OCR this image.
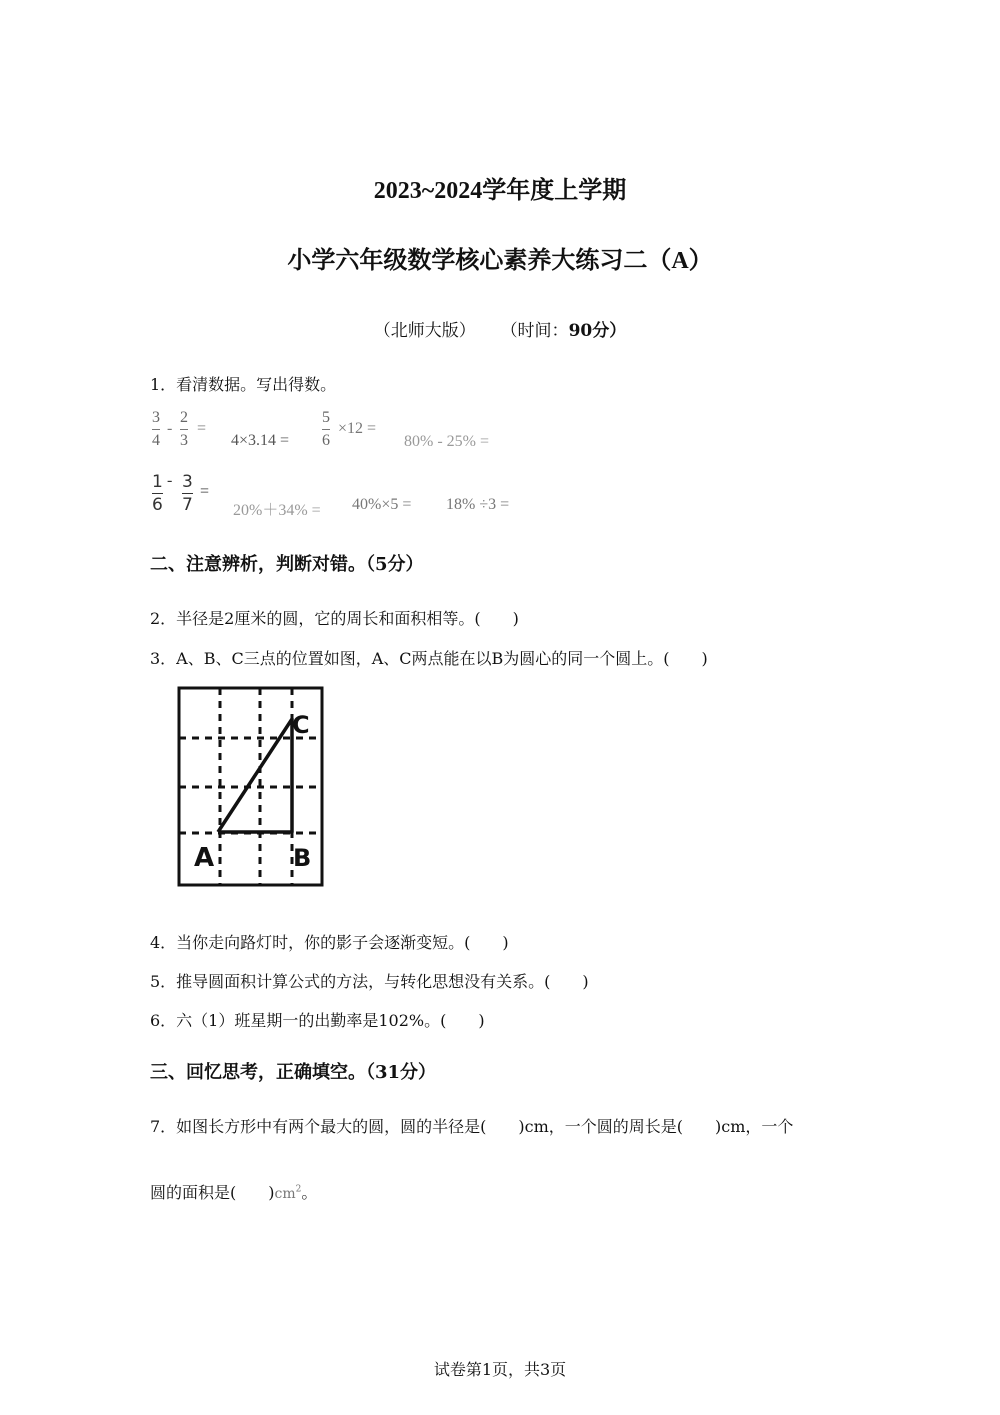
2023~2024学年度上学期
小学六年级数学核心素养大练习二（A）
（北师大版） （时间：90分）
1．看清数据。写出得数。
3
4
-
2
3
=
4×3.14 =
5
6
×12 =
80% - 25% =
1
6
- 3
7
=
20%＋34% = 40%×5 = 18% ÷3 =
二、注意辨析，判断对错。（5分）
2．半径是2厘米的圆，它的周长和面积相等。(　　)
3．A、B、C三点的位置如图，A、C两点能在以B为圆心的同一个圆上。(　　)
A	B
C
4．当你走向路灯时，你的影子会逐渐变短。(　　)
5．推导圆面积计算公式的方法，与转化思想没有关系。(　　)
6．六（1）班星期一的出勤率是102%。(　　)
三、回忆思考，正确填空。（31分）
7．如图长方形中有两个最大的圆，圆的半径是(　　)cm，一个圆的周长是(　　)cm，一个
圆的面积是(　　)$cm^2$。
试卷第1页，共3页
